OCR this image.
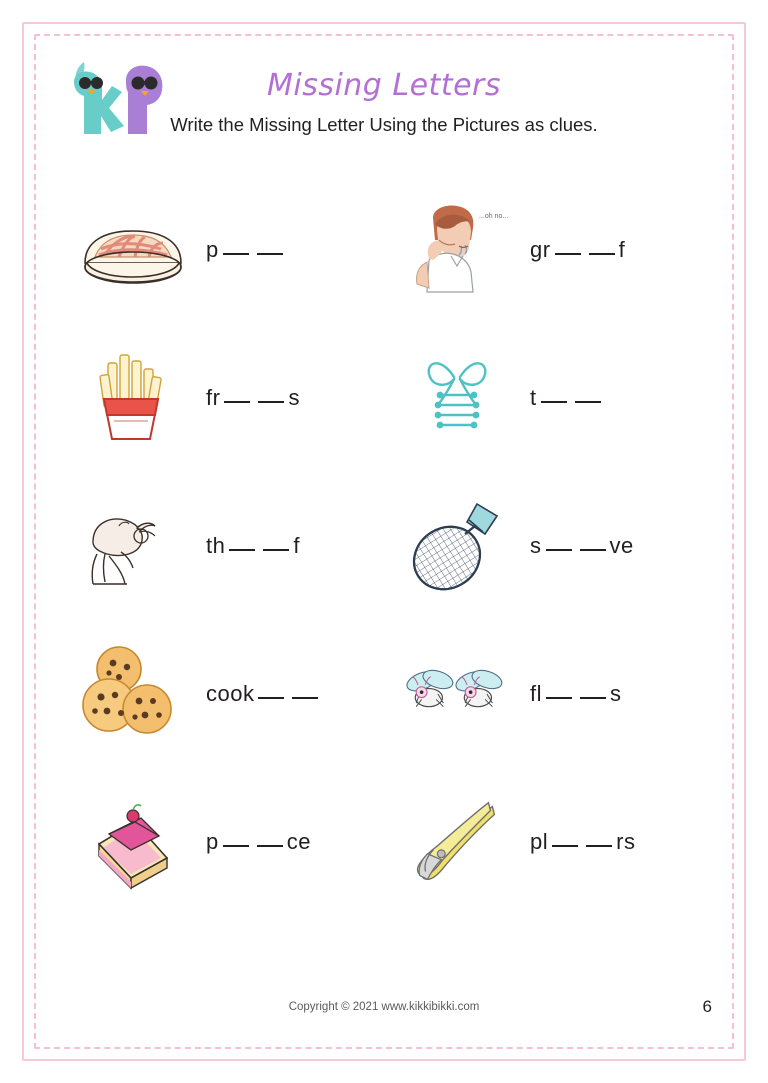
Missing Letters
Write the Missing Letter Using the Pictures as clues.
p
...oh no...
gr	f
fr	s	t
th	f	s	ve
cook	fl	s
p	ce	pl	rs
Copyright © 2021 www.kikkibikki.com	6
